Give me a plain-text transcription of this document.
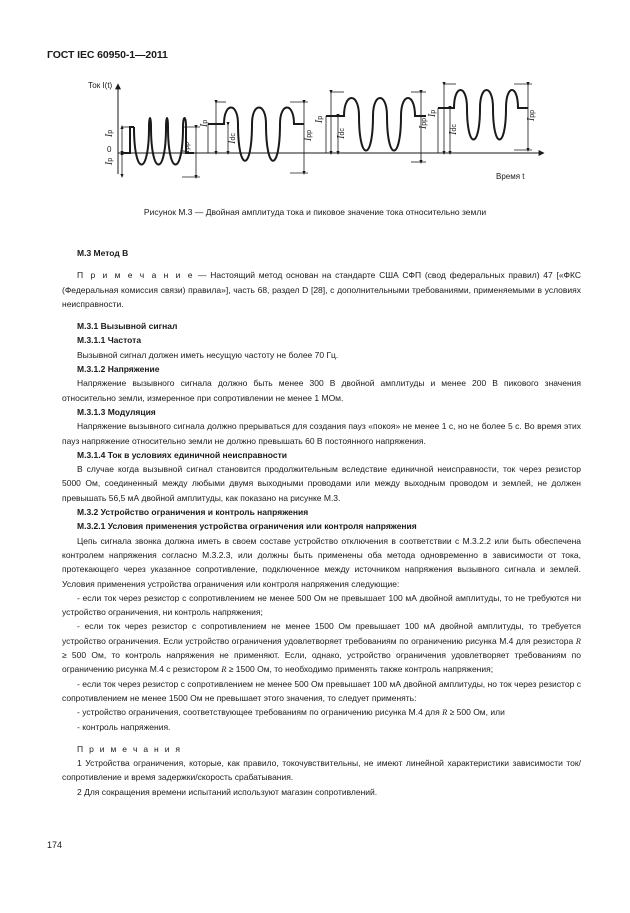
ГОСТ IEC 60950-1—2011
Ток I(t)
Время t
0
Ip
Ip
Ipp
Ip
Idc	Ipp
Ip
Idc
Ipp
Ip
Idc
Ipp
Рисунок М.3 — Двойная амплитуда тока и пиковое значение тока относительно земли

М.3 Метод В

П р и м е ч а н и е — Настоящий метод основан на стандарте США СФП (свод федеральных правил) 47 [«ФКС (Федеральная комиссия связи) правила»], часть 68, раздел D [28], с дополнительными требованиями, применяемыми в условиях неисправности.

М.3.1 Вызывной сигнал

М.3.1.1 Частота

Вызывной сигнал должен иметь несущую частоту не более 70 Гц.

М.3.1.2 Напряжение

Напряжение вызывного сигнала должно быть менее 300 В двойной амплитуды и менее 200 В пикового значения относительно земли, измеренное при сопротивлении не менее 1 МОм.

М.3.1.3 Модуляция

Напряжение вызывного сигнала должно прерываться для создания пауз «покоя» не менее 1 с, но не более 5 с. Во время этих пауз напряжение относительно земли не должно превышать 60 В постоянного напряжения.

М.3.1.4 Ток в условиях единичной неисправности

В случае когда вызывной сигнал становится продолжительным вследствие единичной неисправности, ток через резистор 5000 Ом, соединенный между любыми двумя выходными проводами или между выходным проводом и землей, не должен превышать 56,5 мА двойной амплитуды, как показано на рисунке М.3.

М.3.2 Устройство ограничения и контроль напряжения

М.3.2.1 Условия применения устройства ограничения или контроля напряжения

Цепь сигнала звонка должна иметь в своем составе устройство отключения в соответствии с М.3.2.2 или быть обеспечена контролем напряжения согласно М.3.2.3, или должны быть применены оба метода одновременно в зависимости от тока, протекающего через указанное сопротивление, подключенное между источником напряжения вызывного сигнала и землей. Условия применения устройства ограничения или контроля напряжения следующие:

- если ток через резистор с сопротивлением не менее 500 Ом не превышает 100 мА двойной амплитуды, то не требуются ни устройство ограничения, ни контроль напряжения;

- если ток через резистор с сопротивлением не менее 1500 Ом превышает 100 мА двойной амплитуды, то требуется устройство ограничения. Если устройство ограничения удовлетворяет требованиям по ограничению рисунка М.4 для резистора R ≥ 500 Ом, то контроль напряжения не применяют. Если, однако, устройство ограничения удовлетворяет требованиям по ограничению рисунка М.4 с резистором R ≥ 1500 Ом, то необходимо применять также контроль напряжения;

- если ток через резистор с сопротивлением не менее 500 Ом превышает 100 мА двойной амплитуды, но ток через резистор с сопротивлением не менее 1500 Ом не превышает этого значения, то следует применять:

- устройство ограничения, соответствующее требованиям по ограничению рисунка М.4 для R ≥ 500 Ом, или

- контроль напряжения.

П р и м е ч а н и я

1 Устройства ограничения, которые, как правило, токочувствительны, не имеют линейной характеристики зависимости ток/сопротивление и время задержки/скорость срабатывания.

2 Для сокращения времени испытаний используют магазин сопротивлений.

174
